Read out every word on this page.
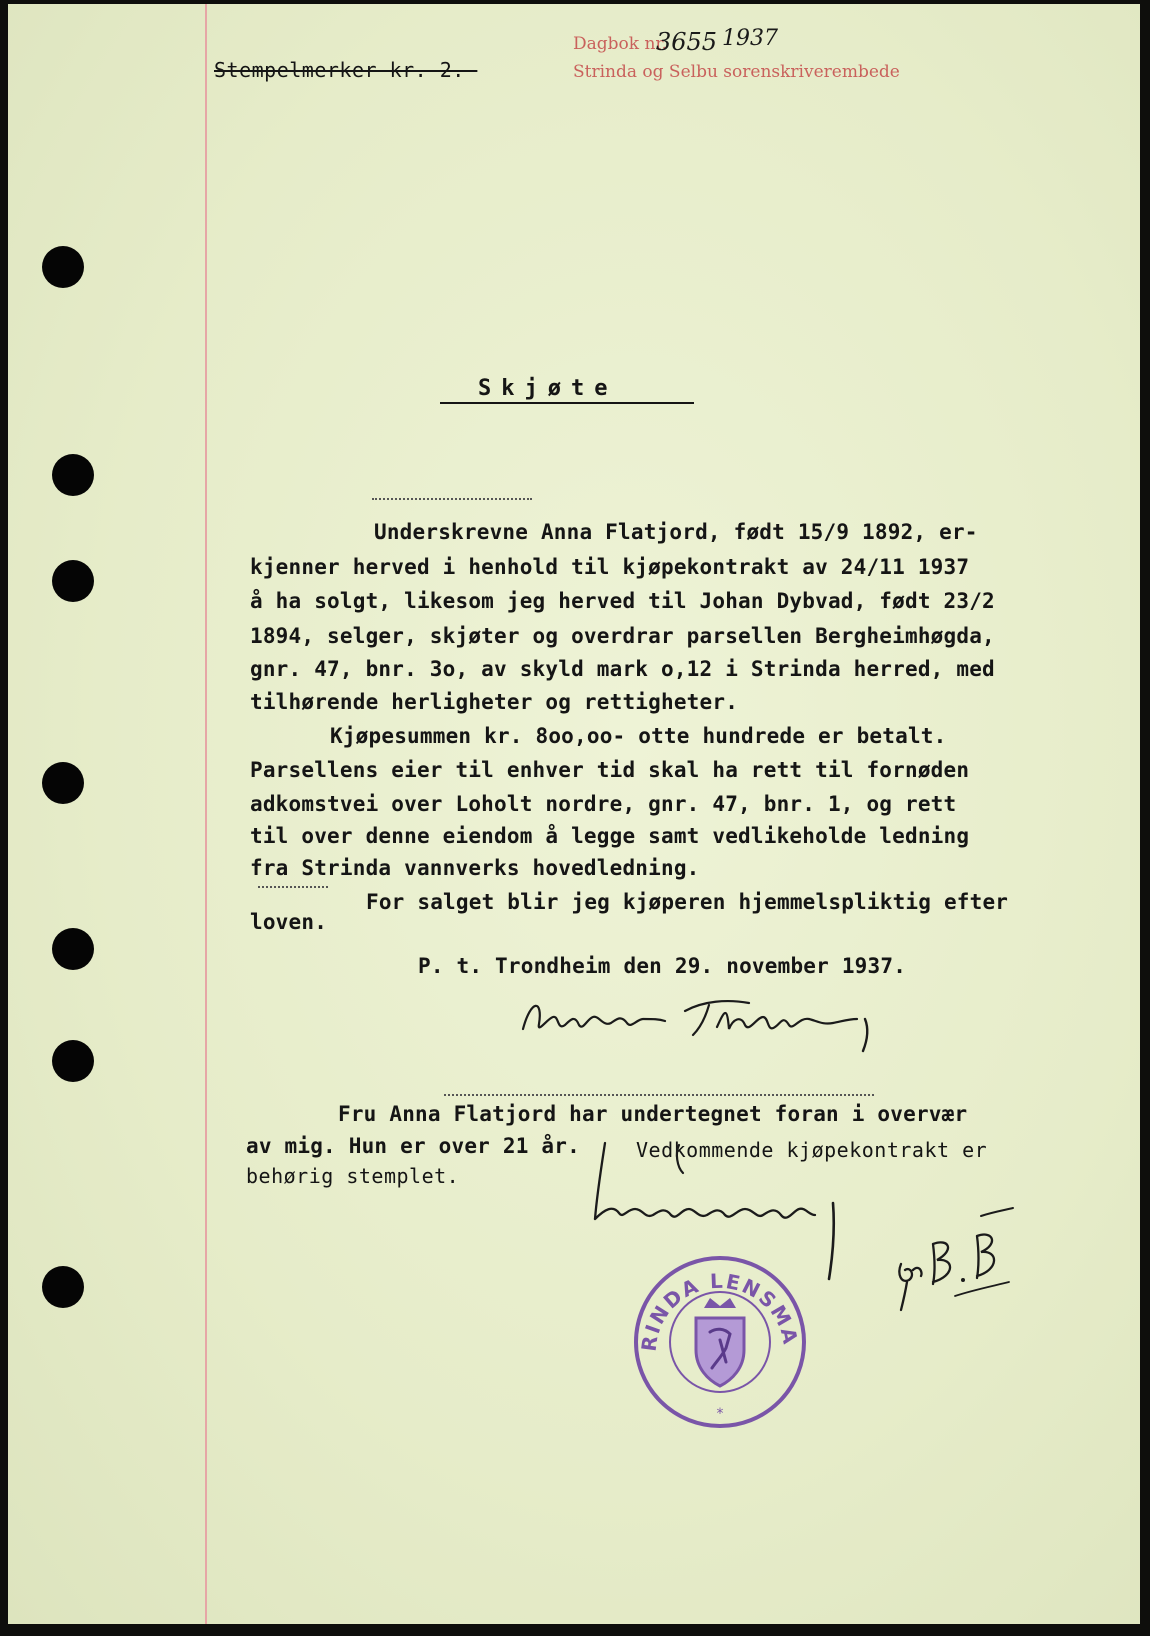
Stempelmerker kr. 2.-
Dagbok nr.
3655 1937
Strinda og Selbu sorenskriverembede
Skjøte
Underskrevne Anna Flatjord, født 15/9 1892, er-
kjenner herved i henhold til kjøpekontrakt av 24/11 1937
å ha solgt, likesom jeg herved til Johan Dybvad, født 23/2
1894, selger, skjøter og overdrar parsellen Bergheimhøgda,
gnr. 47, bnr. 3o, av skyld mark o,12 i Strinda herred, med
tilhørende herligheter og rettigheter.
Kjøpesummen kr. 8oo,oo- otte hundrede er betalt.
Parsellens eier til enhver tid skal ha rett til fornøden
adkomstvei over Loholt nordre, gnr. 47, bnr. 1, og rett
til over denne eiendom å legge samt vedlikeholde ledning
fra Strinda vannverks hovedledning.
For salget blir jeg kjøperen hjemmelspliktig efter
loven.
P. t. Trondheim den 29. november 1937.
Fru Anna Flatjord har undertegnet foran i overvær
av mig. Hun er over 21 år.	Vedkommende kjøpekontrakt er
behørig stemplet.
STRINDA LENSMAND
*
